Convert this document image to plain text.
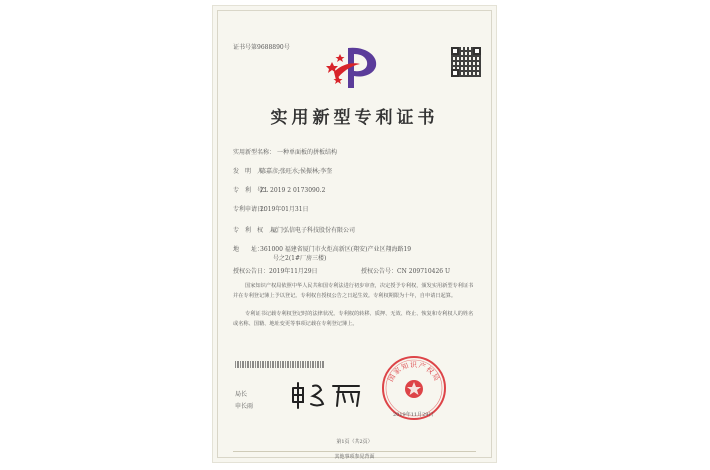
证书号第9688890号
实用新型专利证书
实用新型名称： 一种单面板的拼板结构
发　明　人：
陈嘉彦;张旺水;侯振林;李奎
专　利　号：
ZL 2019 2 0173090.2
专利申请日：
2019年01月31日
专　利　权　人：
厦门弘信电子科技股份有限公司
地　　址：
361000 福建省厦门市火炬高新区(翔安)产业区翔海路19
号之2(1#厂房三楼)
授权公告日：2019年11月29日	授权公告号：CN 209710426 U
国家知识产权局依照中华人民共和国专利法进行初步审查，决定授予专利权，颁发实用新型专利证书并在专利登记簿上予以登记。专利权自授权公告之日起生效。专利权期限为十年，自申请日起算。
专利证书记载专利权登记时的法律状况。专利权的转移、质押、无效、终止、恢复和专利权人的姓名或名称、国籍、地址变更等事项记载在专利登记簿上。
国家知识产权局
2019年11月29日
局长
申长雨
第1页（共2页）
其他事项参见背面
